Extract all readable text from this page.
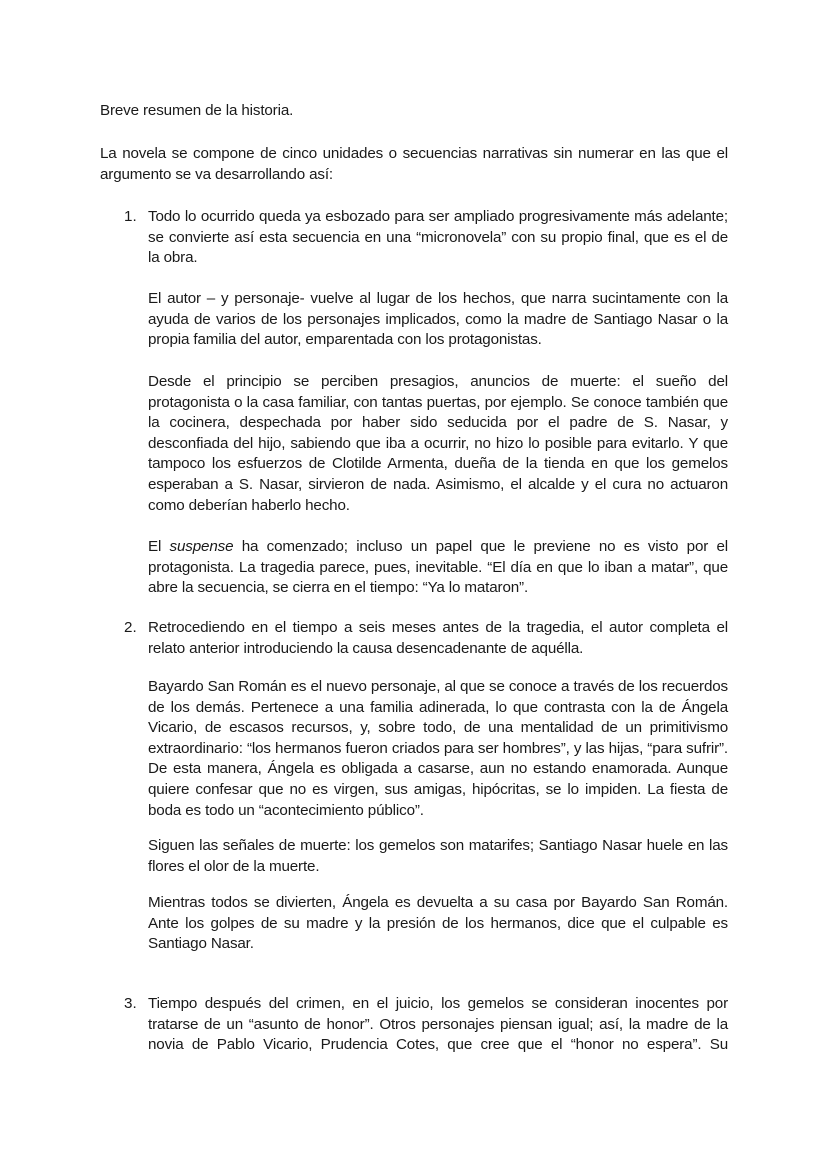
Breve resumen de la historia.

La novela se compone de cinco unidades o secuencias narrativas sin numerar en las que el argumento se va desarrollando así:

1. Todo lo ocurrido queda ya esbozado para ser ampliado progresivamente más adelante; se convierte así esta secuencia en una “micronovela” con su propio final, que es el de la obra.

El autor – y personaje- vuelve al lugar de los hechos, que narra sucintamente con la ayuda de varios de los personajes implicados, como la madre de Santiago Nasar o la propia familia del autor, emparentada con los protagonistas.

Desde el principio se perciben presagios, anuncios de muerte: el sueño del protagonista o la casa familiar, con tantas puertas, por ejemplo. Se conoce también que la cocinera, despechada por haber sido seducida por el padre de S. Nasar, y desconfiada del hijo, sabiendo que iba a ocurrir, no hizo lo posible para evitarlo. Y que tampoco los esfuerzos de Clotilde Armenta, dueña de la tienda en que los gemelos esperaban a S. Nasar, sirvieron de nada. Asimismo, el alcalde y el cura no actuaron como deberían haberlo hecho.

El suspense ha comenzado; incluso un papel que le previene no es visto por el protagonista. La tragedia parece, pues, inevitable. “El día en que lo iban a matar”, que abre la secuencia, se cierra en el tiempo: “Ya lo mataron”.

2. Retrocediendo en el tiempo a seis meses antes de la tragedia, el autor completa el relato anterior introduciendo la causa desencadenante de aquélla.

Bayardo San Román es el nuevo personaje, al que se conoce a través de los recuerdos de los demás. Pertenece a una familia adinerada, lo que contrasta con la de Ángela Vicario, de escasos recursos, y, sobre todo, de una mentalidad de un primitivismo extraordinario: “los hermanos fueron criados para ser hombres”, y las hijas, “para sufrir”. De esta manera, Ángela es obligada a casarse, aun no estando enamorada. Aunque quiere confesar que no es virgen, sus amigas, hipócritas, se lo impiden. La fiesta de boda es todo un “acontecimiento público”.

Siguen las señales de muerte: los gemelos son matarifes; Santiago Nasar huele en las flores el olor de la muerte.

Mientras todos se divierten, Ángela es devuelta a su casa por Bayardo San Román. Ante los golpes de su madre y la presión de los hermanos, dice que el culpable es Santiago Nasar.

3. Tiempo después del crimen, en el juicio, los gemelos se consideran inocentes por tratarse de un “asunto de honor”. Otros personajes piensan igual; así, la madre de la novia de Pablo Vicario, Prudencia Cotes, que cree que el “honor no espera”. Su
